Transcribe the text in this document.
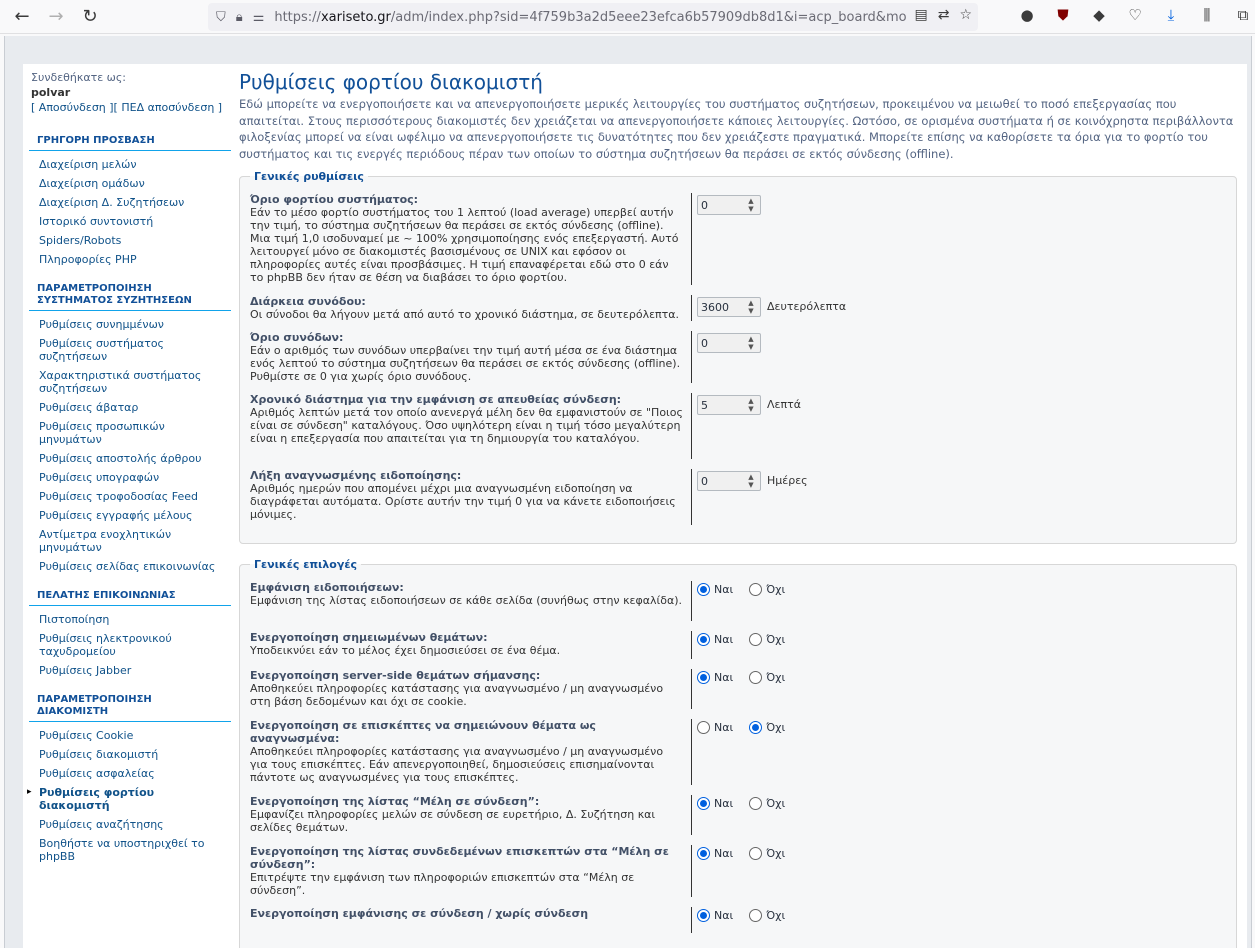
←	→	↻	⛉ 🔒︎ ⚌ https:// xariseto.gr /adm/index.php?sid=4f759b3a2d5eee23efca6b57909db8d1&i=acp_board&mo ▤ ⇄ ☆	●	⛊	◆	♡	⤓	⫼	⧉
Συνδεθήκατε ως:
polvar
[ Αποσύνδεση ][ ΠΕΔ αποσύνδεση ]
ΓΡΗΓΟΡΗ ΠΡΟΣΒΑΣΗ
Διαχείριση μελών
Διαχείριση ομάδων
Διαχείριση Δ. Συζητήσεων
Ιστορικό συντονιστή
Spiders/Robots
Πληροφορίες PHP
ΠΑΡΑΜΕΤΡΟΠΟΙΗΣΗ ΣΥΣΤΗΜΑΤΟΣ ΣΥΖΗΤΗΣΕΩΝ
Ρυθμίσεις συνημμένων
Ρυθμίσεις συστήματος συζητήσεων
Χαρακτηριστικά συστήματος συζητήσεων
Ρυθμίσεις άβαταρ
Ρυθμίσεις προσωπικών μηνυμάτων
Ρυθμίσεις αποστολής άρθρου
Ρυθμίσεις υπογραφών
Ρυθμίσεις τροφοδοσίας Feed
Ρυθμίσεις εγγραφής μέλους
Αντίμετρα ενοχλητικών μηνυμάτων
Ρυθμίσεις σελίδας επικοινωνίας
ΠΕΛΑΤΗΣ ΕΠΙΚΟΙΝΩΝΙΑΣ
Πιστοποίηση
Ρυθμίσεις ηλεκτρονικού ταχυδρομείου
Ρυθμίσεις Jabber
ΠΑΡΑΜΕΤΡΟΠΟΙΗΣΗ ΔΙΑΚΟΜΙΣΤΗ
Ρυθμίσεις Cookie
Ρυθμίσεις διακομιστή
Ρυθμίσεις ασφαλείας
▸ Ρυθμίσεις φορτίου διακομιστή
Ρυθμίσεις αναζήτησης
Βοηθήστε να υποστηριχθεί το phpBB
Ρυθμίσεις φορτίου διακομιστή

Εδώ μπορείτε να ενεργοποιήσετε και να απενεργοποιήσετε μερικές λειτουργίες του συστήματος συζητήσεων, προκειμένου να μειωθεί το ποσό επεξεργασίας που απαιτείται. Στους περισσότερους διακομιστές δεν χρειάζεται να απενεργοποιήσετε κάποιες λειτουργίες. Ωστόσο, σε ορισμένα συστήματα ή σε κοινόχρηστα περιβάλλοντα φιλοξενίας μπορεί να είναι ωφέλιμο να απενεργοποιήσετε τις δυνατότητες που δεν χρειάζεστε πραγματικά. Μπορείτε επίσης να καθορίσετε τα όρια για το φορτίο του συστήματος και τις ενεργές περιόδους πέραν των οποίων το σύστημα συζητήσεων θα περάσει σε εκτός σύνδεσης (offline).

Γενικές ρυθμίσεις
Όριο φορτίου συστήματος:
Εάν το μέσο φορτίο συστήματος του 1 λεπτού (load average) υπερβεί αυτήν την τιμή, το σύστημα συζητήσεων θα περάσει σε εκτός σύνδεσης (offline). Μια τιμή 1,0 ισοδυναμεί με ~ 100% χρησιμοποίησης ενός επεξεργαστή. Αυτό λειτουργεί μόνο σε διακομιστές βασισμένους σε UNIX και εφόσον οι πληροφορίες αυτές είναι προσβάσιμες. Η τιμή επαναφέρεται εδώ στο 0 εάν το phpBB δεν ήταν σε θέση να διαβάσει το όριο φορτίου.
0	▲
▼
Διάρκεια συνόδου:
Οι σύνοδοι θα λήγουν μετά από αυτό το χρονικό διάστημα, σε δευτερόλεπτα.
3600	▲
▼	Δευτερόλεπτα
Όριο συνόδων:
Εάν ο αριθμός των συνόδων υπερβαίνει την τιμή αυτή μέσα σε ένα διάστημα ενός λεπτού το σύστημα συζητήσεων θα περάσει σε εκτός σύνδεσης (offline). Ρυθμίστε σε 0 για χωρίς όριο συνόδους.
0	▲
▼
Χρονικό διάστημα για την εμφάνιση σε απευθείας σύνδεση:
Αριθμός λεπτών μετά τον οποίο ανενεργά μέλη δεν θα εμφανιστούν σε "Ποιος είναι σε σύνδεση" καταλόγους. Όσο υψηλότερη είναι η τιμή τόσο μεγαλύτερη είναι η επεξεργασία που απαιτείται για τη δημιουργία του καταλόγου.
5	▲
▼	Λεπτά
Λήξη αναγνωσμένης ειδοποίησης:
Αριθμός ημερών που απομένει μέχρι μια αναγνωσμένη ειδοποίηση να διαγράφεται αυτόματα. Ορίστε αυτήν την τιμή 0 για να κάνετε ειδοποιήσεις μόνιμες.
0	▲
▼	Ημέρες
Γενικές επιλογές
Εμφάνιση ειδοποιήσεων:
Εμφάνιση της λίστας ειδοποιήσεων σε κάθε σελίδα (συνήθως στην κεφαλίδα).
Ναι	Όχι
Ενεργοποίηση σημειωμένων θεμάτων:
Υποδεικνύει εάν το μέλος έχει δημοσιεύσει σε ένα θέμα.
Ναι	Όχι
Ενεργοποίηση server-side θεμάτων σήμανσης:
Αποθηκεύει πληροφορίες κατάστασης για αναγνωσμένο / μη αναγνωσμένο στη βάση δεδομένων και όχι σε cookie.
Ναι	Όχι
Ενεργοποίηση σε επισκέπτες να σημειώνουν θέματα ως αναγνωσμένα:
Αποθηκεύει πληροφορίες κατάστασης για αναγνωσμένο / μη αναγνωσμένο για τους επισκέπτες. Εάν απενεργοποιηθεί, δημοσιεύσεις επισημαίνονται πάντοτε ως αναγνωσμένες για τους επισκέπτες.
Ναι	Όχι
Ενεργοποίηση της λίστας “Μέλη σε σύνδεση”:
Εμφανίζει πληροφορίες μελών σε σύνδεση σε ευρετήριο, Δ. Συζήτηση και σελίδες θεμάτων.
Ναι	Όχι
Ενεργοποίηση της λίστας συνδεδεμένων επισκεπτών στα “Μέλη σε σύνδεση”:
Επιτρέψτε την εμφάνιση των πληροφοριών επισκεπτών στα “Μέλη σε σύνδεση”.
Ναι	Όχι
Ενεργοποίηση εμφάνισης σε σύνδεση / χωρίς σύνδεση	Ναι	Όχι
